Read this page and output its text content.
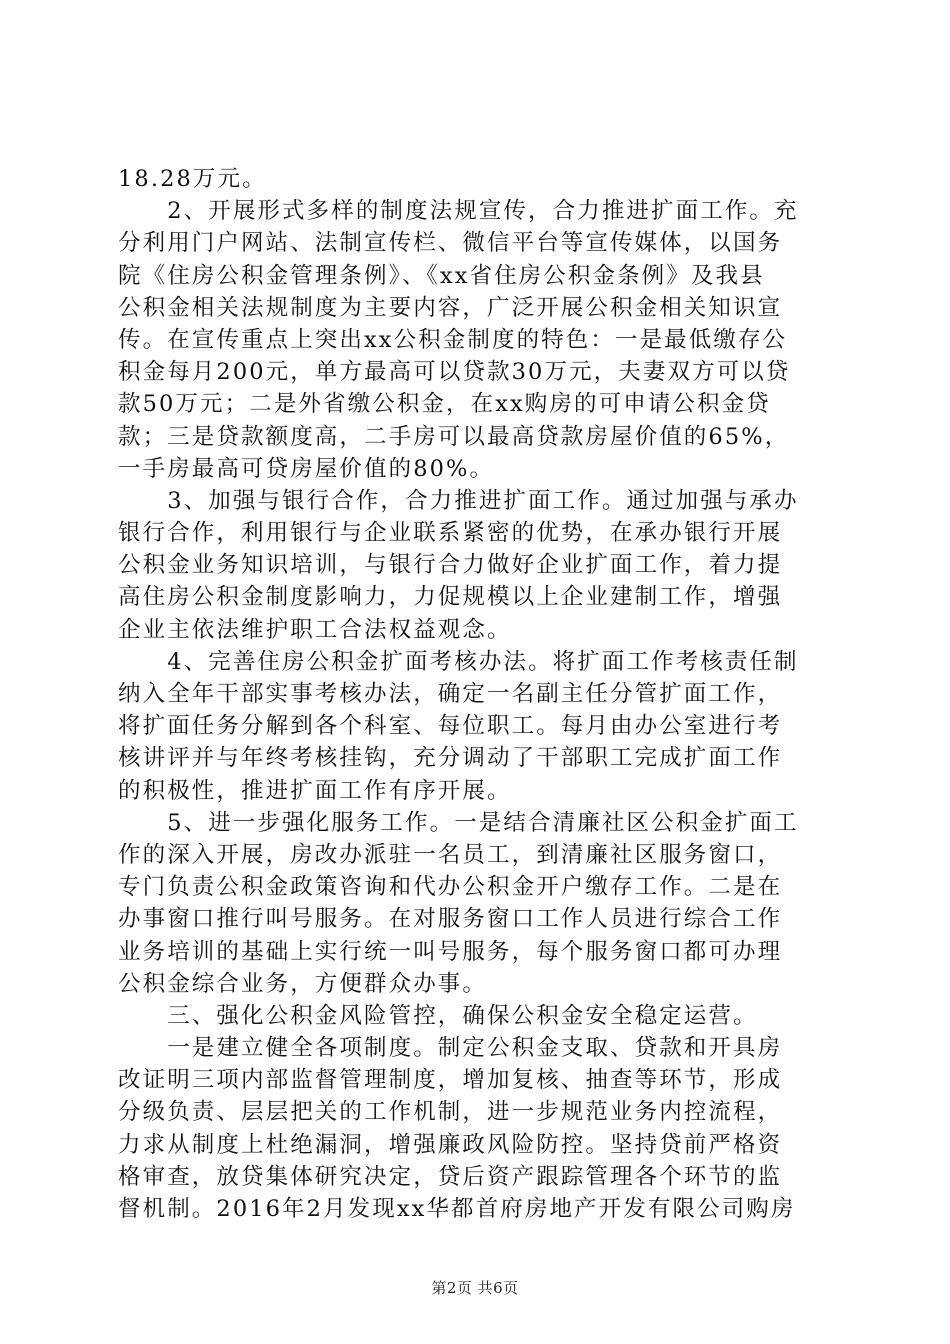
18.28万元。
　　2、开展形式多样的制度法规宣传，合力推进扩面工作。充
分利用门户网站、法制宣传栏、微信平台等宣传媒体，以国务
院《住房公积金管理条例》、《xx省住房公积金条例》及我县
公积金相关法规制度为主要内容，广泛开展公积金相关知识宣
传。在宣传重点上突出xx公积金制度的特色：一是最低缴存公
积金每月200元，单方最高可以贷款30万元，夫妻双方可以贷
款50万元；二是外省缴公积金，在xx购房的可申请公积金贷
款；三是贷款额度高，二手房可以最高贷款房屋价值的65%，
一手房最高可贷房屋价值的80%。
　　3、加强与银行合作，合力推进扩面工作。通过加强与承办
银行合作，利用银行与企业联系紧密的优势，在承办银行开展
公积金业务知识培训，与银行合力做好企业扩面工作，着力提
高住房公积金制度影响力，力促规模以上企业建制工作，增强
企业主依法维护职工合法权益观念。
　　4、完善住房公积金扩面考核办法。将扩面工作考核责任制
纳入全年干部实事考核办法，确定一名副主任分管扩面工作，
将扩面任务分解到各个科室、每位职工。每月由办公室进行考
核讲评并与年终考核挂钩，充分调动了干部职工完成扩面工作
的积极性，推进扩面工作有序开展。
　　5、进一步强化服务工作。一是结合清廉社区公积金扩面工
作的深入开展，房改办派驻一名员工，到清廉社区服务窗口，
专门负责公积金政策咨询和代办公积金开户缴存工作。二是在
办事窗口推行叫号服务。在对服务窗口工作人员进行综合工作
业务培训的基础上实行统一叫号服务，每个服务窗口都可办理
公积金综合业务，方便群众办事。
　　三、强化公积金风险管控，确保公积金安全稳定运营。
　　一是建立健全各项制度。制定公积金支取、贷款和开具房
改证明三项内部监督管理制度，增加复核、抽查等环节，形成
分级负责、层层把关的工作机制，进一步规范业务内控流程，
力求从制度上杜绝漏洞，增强廉政风险防控。坚持贷前严格资
格审查，放贷集体研究决定，贷后资产跟踪管理各个环节的监
督机制。2016年2月发现xx华都首府房地产开发有限公司购房
第2页 共6页
